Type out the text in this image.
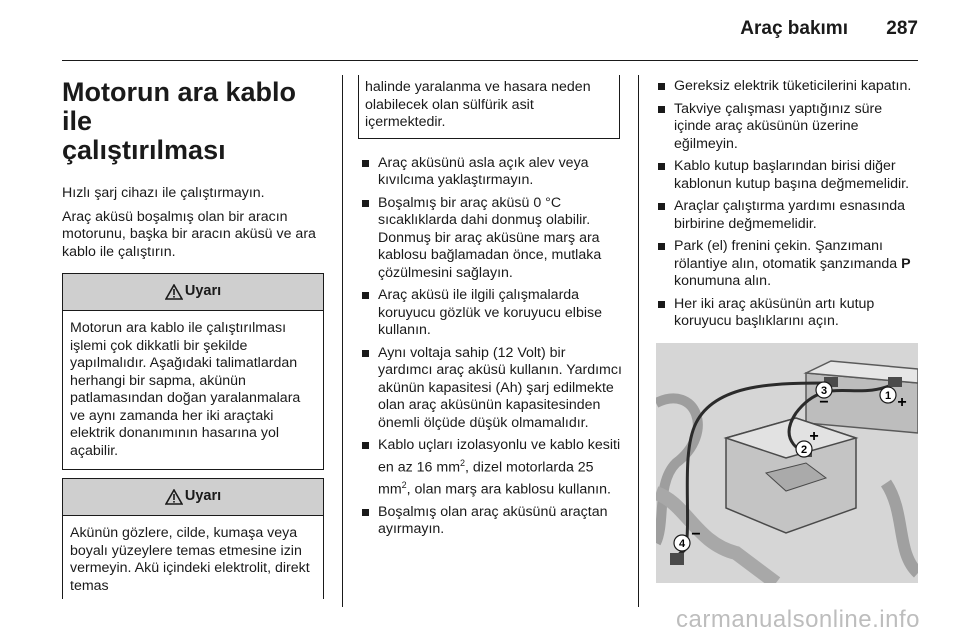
Araç bakımı 287
Motorun ara kablo ile
çalıştırılması

Hızlı şarj cihazı ile çalıştırmayın.

Araç aküsü boşalmış olan bir aracın motorunu, başka bir aracın aküsü ve ara kablo ile çalıştırın.

Uyarı
Motorun ara kablo ile çalıştırılması işlemi çok dikkatli bir şekilde yapılmalıdır. Aşağıdaki talimatlardan herhangi bir sapma, akünün patlamasından doğan yaralanmalara ve aynı zamanda her iki araçtaki elektrik donanımının hasarına yol açabilir.
Uyarı
Akünün gözlere, cilde, kumaşa veya boyalı yüzeylere temas etmesine izin vermeyin. Akü içindeki elektrolit, direkt temas
halinde yaralanma ve hasara neden olabilecek olan sülfürik asit içermektedir.
Araç aküsünü asla açık alev veya kıvılcıma yaklaştırmayın.
Boşalmış bir araç aküsü 0 °C sıcaklıklarda dahi donmuş olabilir. Donmuş bir araç aküsüne marş ara kablosu bağlamadan önce, mutlaka çözülmesini sağlayın.
Araç aküsü ile ilgili çalışmalarda koruyucu gözlük ve koruyucu elbise kullanın.
Aynı voltaja sahip (12 Volt) bir yardımcı araç aküsü kullanın. Yardımcı akünün kapasitesi (Ah) şarj edilmekte olan araç aküsünün kapasitesinden önemli ölçüde düşük olmamalıdır.
Kablo uçları izolasyonlu ve kablo kesiti en az 16 $mm^2$, dizel motorlarda 25 $mm^2$, olan marş ara kablosu kullanın.
Boşalmış olan araç aküsünü araçtan ayırmayın.
Gereksiz elektrik tüketicilerini kapatın.
Takviye çalışması yaptığınız süre içinde araç aküsünün üzerine eğilmeyin.
Kablo kutup başlarından birisi diğer kablonun kutup başına değmemelidir.
Araçlar çalıştırma yardımı esnasında birbirine değmemelidir.
Park (el) frenini çekin. Şanzımanı rölantiye alın, otomatik şanzımanda P konumuna alın.
Her iki araç aküsünün artı kutup koruyucu başlıklarını açın.
1
3
2
4
+
−
+
−
carmanualsonline.info
